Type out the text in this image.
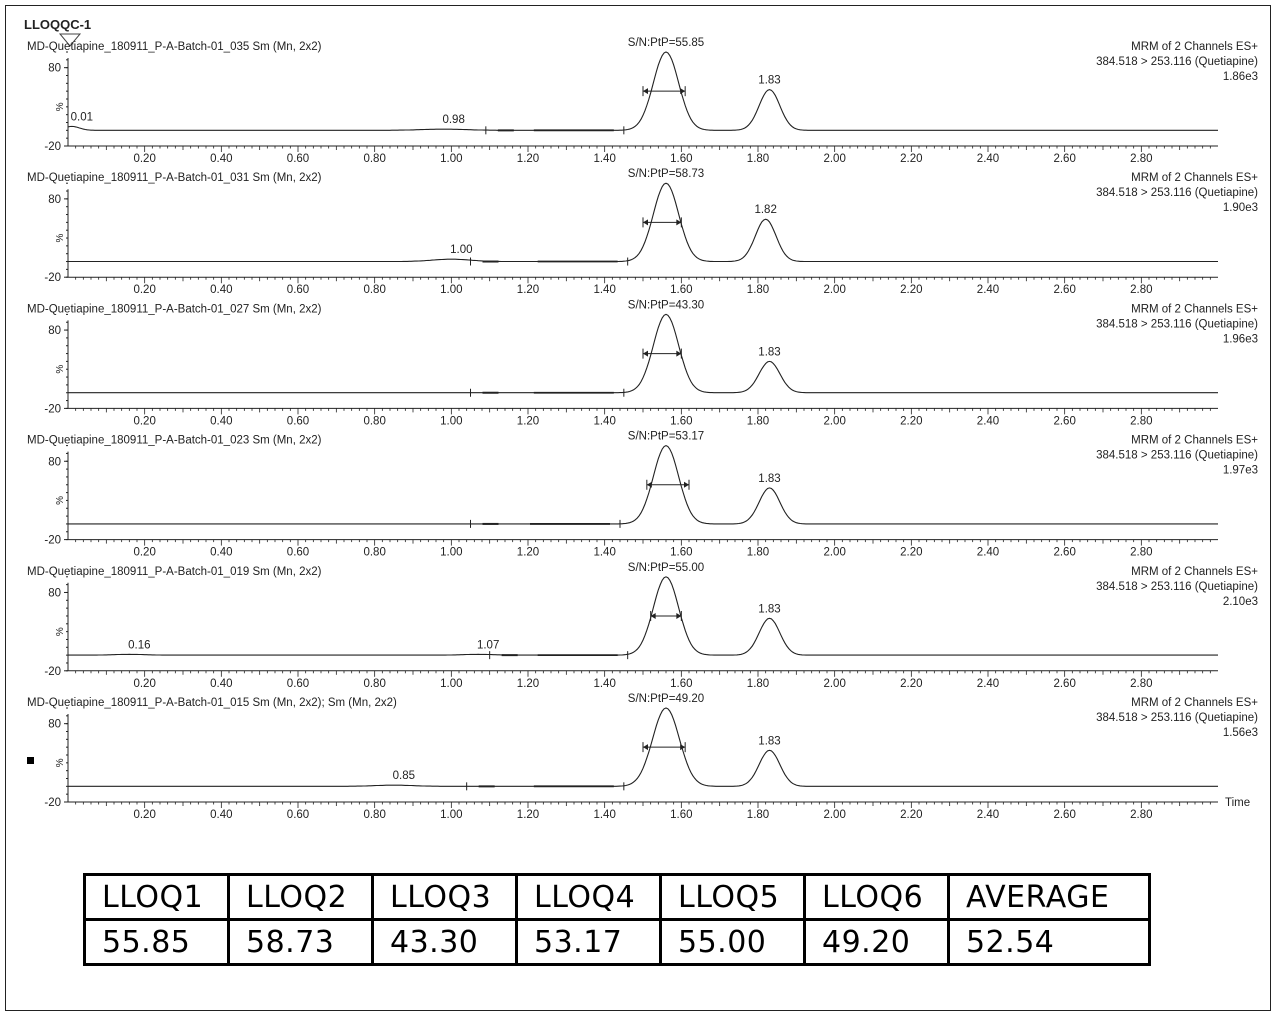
LLOQQC-1
MD-Quetiapine_180911_P-A-Batch-01_035 Sm (Mn, 2x2)	MRM of 2 Channels ES+
384.518 > 253.116 (Quetiapine)
1.86e3
-20
80
%
0.20	0.40	0.60	0.80	1.00	1.20	1.40	1.60	1.80	2.00	2.20	2.40	2.60	2.80
0.01	0.98
1.83
S/N:PtP=55.85
MD-Quetiapine_180911_P-A-Batch-01_031 Sm (Mn, 2x2)	MRM of 2 Channels ES+
384.518 > 253.116 (Quetiapine)
1.90e3
-20
80
%
0.20	0.40	0.60	0.80	1.00	1.20	1.40	1.60	1.80	2.00	2.20	2.40	2.60	2.80
1.00
1.82
S/N:PtP=58.73
MD-Quetiapine_180911_P-A-Batch-01_027 Sm (Mn, 2x2)	MRM of 2 Channels ES+
384.518 > 253.116 (Quetiapine)
1.96e3
-20
80
%
0.20	0.40	0.60	0.80	1.00	1.20	1.40	1.60	1.80	2.00	2.20	2.40	2.60	2.80
1.83
S/N:PtP=43.30
MD-Quetiapine_180911_P-A-Batch-01_023 Sm (Mn, 2x2)	MRM of 2 Channels ES+
384.518 > 253.116 (Quetiapine)
1.97e3
-20
80
%
0.20	0.40	0.60	0.80	1.00	1.20	1.40	1.60	1.80	2.00	2.20	2.40	2.60	2.80
1.83
S/N:PtP=53.17
MD-Quetiapine_180911_P-A-Batch-01_019 Sm (Mn, 2x2)	MRM of 2 Channels ES+
384.518 > 253.116 (Quetiapine)
2.10e3
-20
80
%
0.20	0.40	0.60	0.80	1.00	1.20	1.40	1.60	1.80	2.00	2.20	2.40	2.60	2.80
0.16	1.07
1.83
S/N:PtP=55.00
MD-Quetiapine_180911_P-A-Batch-01_015 Sm (Mn, 2x2); Sm (Mn, 2x2)	MRM of 2 Channels ES+
384.518 > 253.116 (Quetiapine)
1.56e3
-20
80
%
0.20	0.40	0.60	0.80	1.00	1.20	1.40	1.60	1.80	2.00	2.20	2.40	2.60	2.80
0.85
1.83
S/N:PtP=49.20
Time
LLOQ1	LLOQ2	LLOQ3	LLOQ4	LLOQ5	LLOQ6	AVERAGE
55.85	58.73	43.30	53.17	55.00	49.20	52.54
